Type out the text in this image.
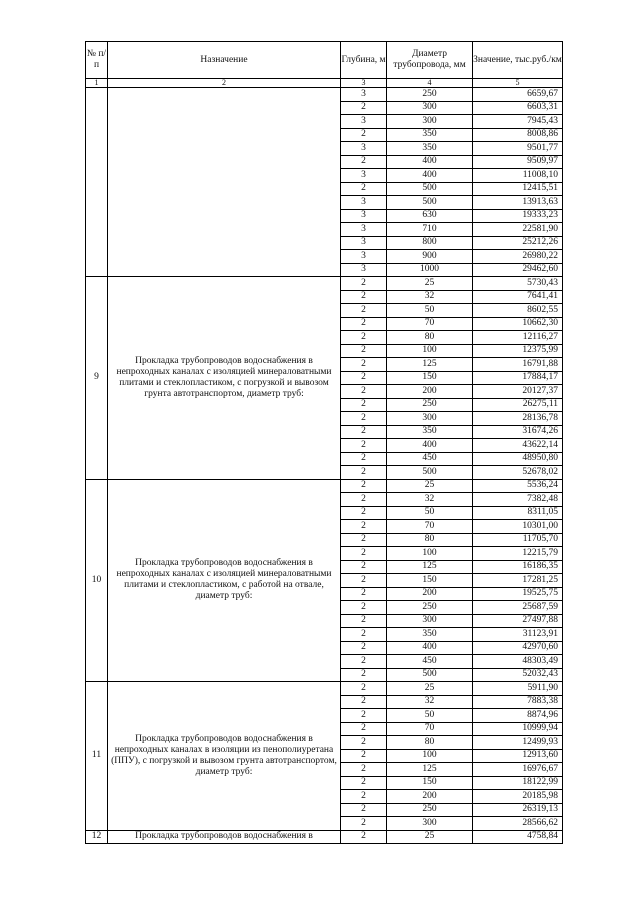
№ п/п	Назначение	Глубина, м	Диаметр трубопровода, мм	Значение, тыс.руб./км
1	2	3	4	5
		3	250	6659,67
		2	300	6603,31
		3	300	7945,43
		2	350	8008,86
		3	350	9501,77
		2	400	9509,97
		3	400	11008,10
		2	500	12415,51
		3	500	13913,63
		3	630	19333,23
		3	710	22581,90
		3	800	25212,26
		3	900	26980,22
		3	1000	29462,60
9	Прокладка трубопроводов водоснабжения в непроходных каналах с изоляцией минераловатными плитами и стеклопластиком, с погрузкой и вывозом грунта автотранспортом, диаметр труб:	2	25	5730,43
		2	32	7641,41
		2	50	8602,55
		2	70	10662,30
		2	80	12116,27
		2	100	12375,99
		2	125	16791,88
		2	150	17884,17
		2	200	20127,37
		2	250	26275,11
		2	300	28136,78
		2	350	31674,26
		2	400	43622,14
		2	450	48950,80
		2	500	52678,02
10	Прокладка трубопроводов водоснабжения в непроходных каналах с изоляцией минераловатными плитами и стеклопластиком, с работой на отвале, диаметр труб:	2	25	5536,24
		2	32	7382,48
		2	50	8311,05
		2	70	10301,00
		2	80	11705,70
		2	100	12215,79
		2	125	16186,35
		2	150	17281,25
		2	200	19525,75
		2	250	25687,59
		2	300	27497,88
		2	350	31123,91
		2	400	42970,60
		2	450	48303,49
		2	500	52032,43
11	Прокладка трубопроводов водоснабжения в непроходных каналах в изоляции из пенополиуретана (ППУ), с погрузкой и вывозом грунта автотранспортом, диаметр труб:	2	25	5911,90
		2	32	7883,38
		2	50	8874,96
		2	70	10999,94
		2	80	12499,93
		2	100	12913,60
		2	125	16976,67
		2	150	18122,99
		2	200	20185,98
		2	250	26319,13
		2	300	28566,62
12	Прокладка трубопроводов водоснабжения в	2	25	4758,84
